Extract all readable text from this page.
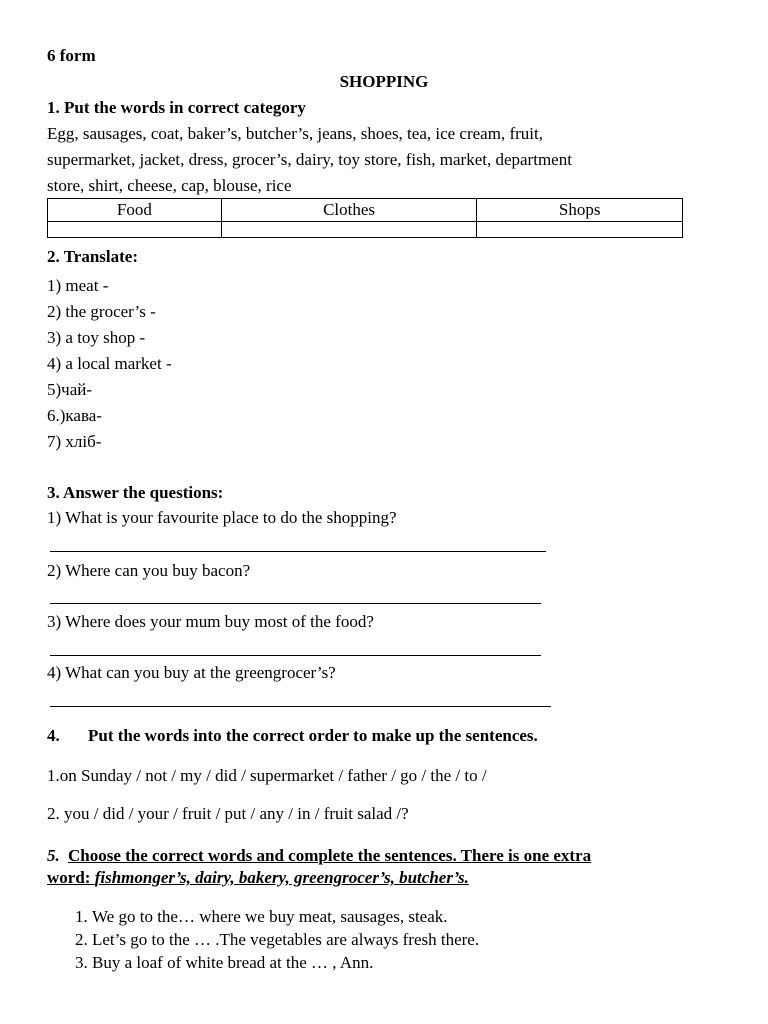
6 form
SHOPPING
1. Put the words in correct category
Egg, sausages, coat, baker’s, butcher’s, jeans, shoes, tea, ice cream, fruit,
supermarket, jacket, dress, grocer’s, dairy, toy store, fish, market, department
store, shirt, cheese, cap, blouse, rice
Food	Clothes	Shops

2. Translate:
1) meat -
2) the grocer’s -
3) a toy shop -
4) a local market -
5)чай-
6.)кава-
7) хліб-
3. Answer the questions:
1) What is your favourite place to do the shopping?
2) Where can you buy bacon?
3) Where does your mum buy most of the food?
4) What can you buy at the greengrocer’s?
4. Put the words into the correct order to make up the sentences.
1.on Sunday / not / my / did / supermarket / father / go / the / to /
2. you / did / your / fruit / put / any / in / fruit salad /?
5. Choose the correct words and complete the sentences. There is one extra
word: fishmonger’s, dairy, bakery, greengrocer’s, butcher’s.
1. We go to the… where we buy meat, sausages, steak.
2. Let’s go to the … .The vegetables are always fresh there.
3. Buy a loaf of white bread at the … , Ann.
